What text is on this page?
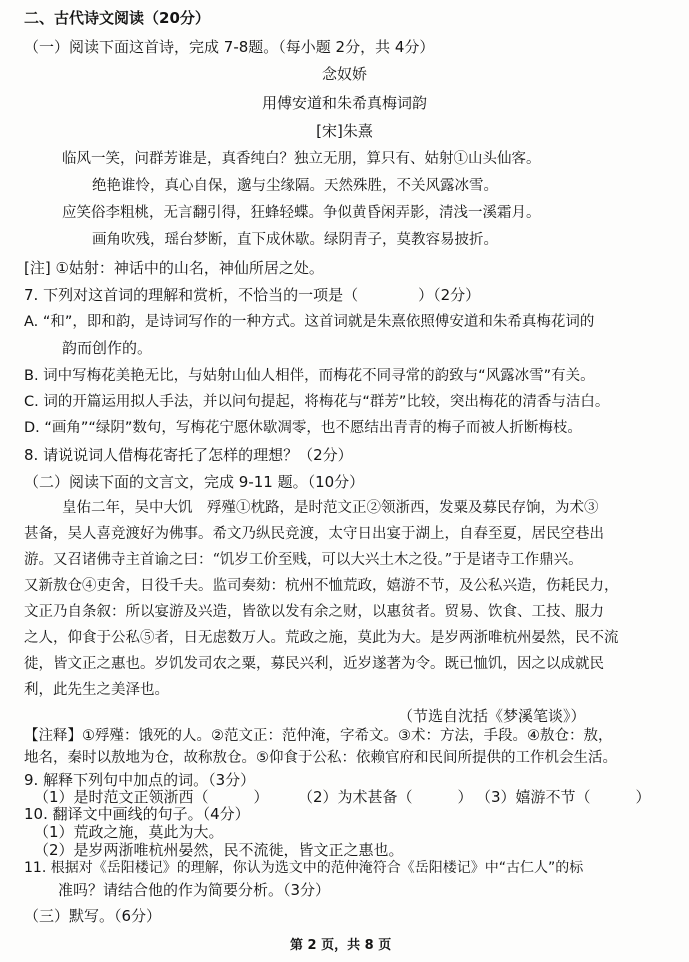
二、古代诗文阅读（20分）
（一）阅读下面这首诗，完成 7-8题。（每小题 2分，共 4分）
念奴娇
用傅安道和朱希真梅词韵
[宋]朱熹
临风一笑，问群芳谁是，真香纯白？独立无朋，算只有、姑射①山头仙客。
绝艳谁怜，真心自保，邈与尘缘隔。天然殊胜，不关风露冰雪。
应笑俗李粗桃，无言翻引得，狂蜂轻蝶。争似黄昏闲弄影，清浅一溪霜月。
画角吹残，瑶台梦断，直下成休歇。绿阴青子，莫教容易披折。
[注] ①姑射：神话中的山名，神仙所居之处。
7. 下列对这首词的理解和赏析，不恰当的一项是（　　　　）（2分）
A. “和”，即和韵，是诗词写作的一种方式。这首词就是朱熹依照傅安道和朱希真梅花词的
韵而创作的。
B. 词中写梅花美艳无比，与姑射山仙人相伴，而梅花不同寻常的韵致与“风露冰雪”有关。
C. 词的开篇运用拟人手法，并以问句提起，将梅花与“群芳”比较，突出梅花的清香与洁白。
D. “画角”“绿阴”数句，写梅花宁愿休歇凋零，也不愿结出青青的梅子而被人折断梅枝。
8. 请说说词人借梅花寄托了怎样的理想？（2分）
（二）阅读下面的文言文，完成 9-11 题。（10分）
皇佑二年，吴中大饥　殍殣①枕路，是时范文正②领浙西，发粟及募民存饷，为术③
甚备，吴人喜竞渡好为佛事。希文乃纵民竞渡，太守日出宴于湖上，自春至夏，居民空巷出
游。又召诸佛寺主首谕之曰：“饥岁工价至贱，可以大兴土木之役。”于是诸寺工作鼎兴。
又新敖仓④吏舍，日役千夫。监司奏劾：杭州不恤荒政，嬉游不节，及公私兴造，伤耗民力，
文正乃自条叙：所以宴游及兴造，皆欲以发有余之财，以惠贫者。贸易、饮食、工技、服力
之人，仰食于公私⑤者，日无虑数万人。荒政之施，莫此为大。是岁两浙唯杭州晏然，民不流
徙，皆文正之惠也。岁饥发司农之粟，募民兴利，近岁遂著为令。既已恤饥，因之以成就民
利，此先生之美泽也。
（节选自沈括《梦溪笔谈》）
【注释】①殍殣：饿死的人。②范文正：范仲淹，字希文。③术：方法，手段。④敖仓：敖，
地名，秦时以敖地为仓，故称敖仓。⑤仰食于公私：依赖官府和民间所提供的工作机会生活。
9. 解释下列句中加点的词。（3分）
（1）是时范文正领浙西（　　　） （2）为术甚备（　　　） （3）嬉游不节（　　　）
10. 翻译文中画线的句子。（4分）
（1）荒政之施，莫此为大。
（2）是岁两浙唯杭州晏然，民不流徙，皆文正之惠也。
11. 根据对《岳阳楼记》的理解，你认为选文中的范仲淹符合《岳阳楼记》中“古仁人”的标
准吗？请结合他的作为简要分析。（3分）
（三）默写。（6分）
第 2 页，共 8 页
